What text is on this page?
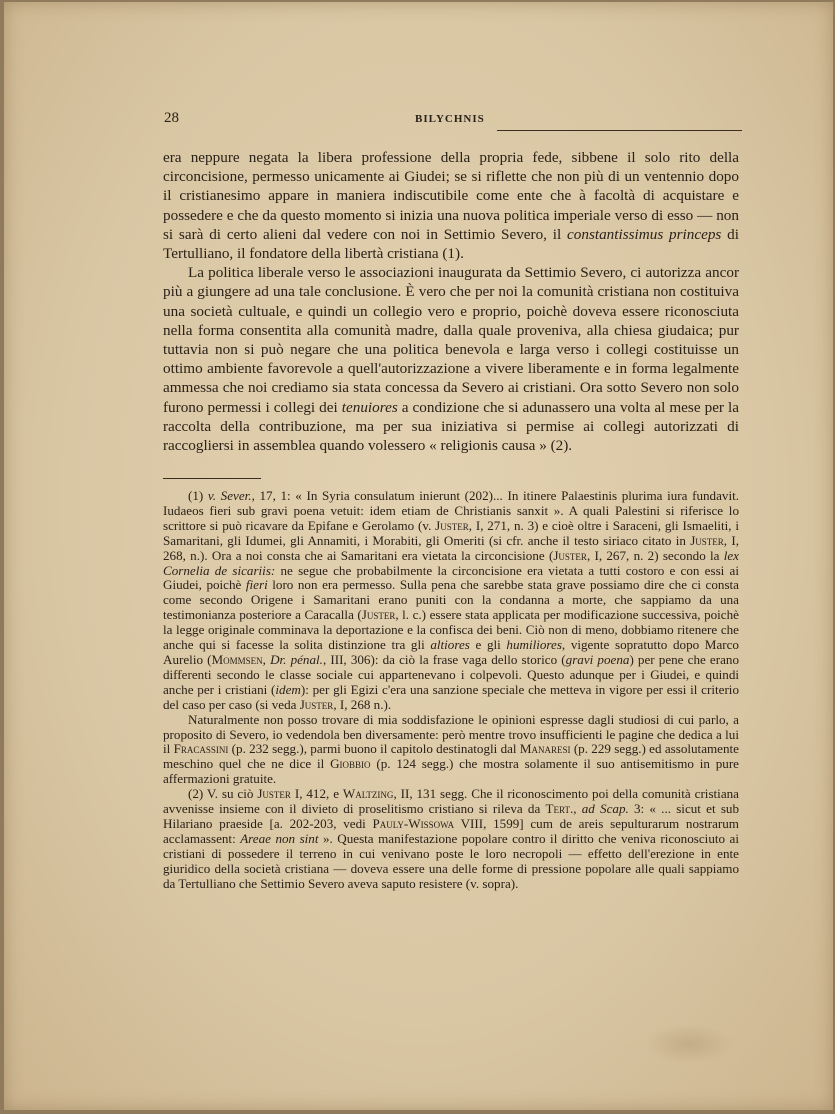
28	BILYCHNIS

era neppure negata la libera professione della propria fede, sibbene il solo rito della circoncisione, permesso unicamente ai Giudei; se si riflette che non più di un ventennio dopo il cristianesimo appare in maniera indiscutibile come ente che à facoltà di acquistare e possedere e che da questo momento si inizia una nuova politica imperiale verso di esso — non si sarà di certo alieni dal vedere con noi in Settimio Severo, il constantissimus princeps di Tertulliano, il fondatore della libertà cristiana (1).

La politica liberale verso le associazioni inaugurata da Settimio Severo, ci autorizza ancor più a giungere ad una tale conclusione. È vero che per noi la comunità cristiana non costituiva una società cultuale, e quindi un collegio vero e proprio, poichè doveva essere riconosciuta nella forma consentita alla comunità madre, dalla quale proveniva, alla chiesa giudaica; pur tuttavia non si può negare che una politica benevola e larga verso i collegi costituisse un ottimo ambiente favorevole a quell'autorizzazione a vivere liberamente e in forma legalmente ammessa che noi crediamo sia stata concessa da Severo ai cristiani. Ora sotto Severo non solo furono permessi i collegi dei tenuiores a condizione che si adunassero una volta al mese per la raccolta della contribuzione, ma per sua iniziativa si permise ai collegi autorizzati di raccogliersi in assemblea quando volessero « religionis causa » (2).

(1) v. Sever., 17, 1: « In Syria consulatum inierunt (202)... In itinere Palaestinis plurima iura fundavit. Iudaeos fieri sub gravi poena vetuit: idem etiam de Christianis sanxit ». A quali Palestini si riferisce lo scrittore si può ricavare da Epifane e Gerolamo (v. Juster, I, 271, n. 3) e cioè oltre i Saraceni, gli Ismaeliti, i Samaritani, gli Idumei, gli Annamiti, i Morabiti, gli Omeriti (si cfr. anche il testo siriaco citato in Juster, I, 268, n.). Ora a noi consta che ai Samaritani era vietata la circoncisione (Juster, I, 267, n. 2) secondo la lex Cornelia de sicariis: ne segue che probabilmente la circoncisione era vietata a tutti costoro e con essi ai Giudei, poichè fieri loro non era permesso. Sulla pena che sarebbe stata grave possiamo dire che ci consta come secondo Origene i Samaritani erano puniti con la condanna a morte, che sappiamo da una testimonianza posteriore a Caracalla (Juster, l. c.) essere stata applicata per modificazione successiva, poichè la legge originale comminava la deportazione e la confisca dei beni. Ciò non di meno, dobbiamo ritenere che anche qui si facesse la solita distinzione tra gli altiores e gli humiliores, vigente sopratutto dopo Marco Aurelio (Mommsen, Dr. pénal., III, 306): da ciò la frase vaga dello storico (gravi poena) per pene che erano differenti secondo le classe sociale cui appartenevano i colpevoli. Questo adunque per i Giudei, e quindi anche per i cristiani (idem): per gli Egizi c'era una sanzione speciale che metteva in vigore per essi il criterio del caso per caso (si veda Juster, I, 268 n.).

Naturalmente non posso trovare di mia soddisfazione le opinioni espresse dagli studiosi di cui parlo, a proposito di Severo, io vedendola ben diversamente: però mentre trovo insufficienti le pagine che dedica a lui il Fracassini (p. 232 segg.), parmi buono il capitolo destinatogli dal Manaresi (p. 229 segg.) ed assolutamente meschino quel che ne dice il Giobbio (p. 124 segg.) che mostra solamente il suo antisemitismo in pure affermazioni gratuite.

(2) V. su ciò Juster I, 412, e Waltzing, II, 131 segg. Che il riconoscimento poi della comunità cristiana avvenisse insieme con il divieto di proselitismo cristiano si rileva da Tert., ad Scap. 3: « ... sicut et sub Hilariano praeside [a. 202-203, vedi Pauly-Wissowa VIII, 1599] cum de areis sepulturarum nostrarum acclamassent: Areae non sint ». Questa manifestazione popolare contro il diritto che veniva riconosciuto ai cristiani di possedere il terreno in cui venivano poste le loro necropoli — effetto dell'erezione in ente giuridico della società cristiana — doveva essere una delle forme di pressione popolare alle quali sappiamo da Tertulliano che Settimio Severo aveva saputo resistere (v. sopra).
